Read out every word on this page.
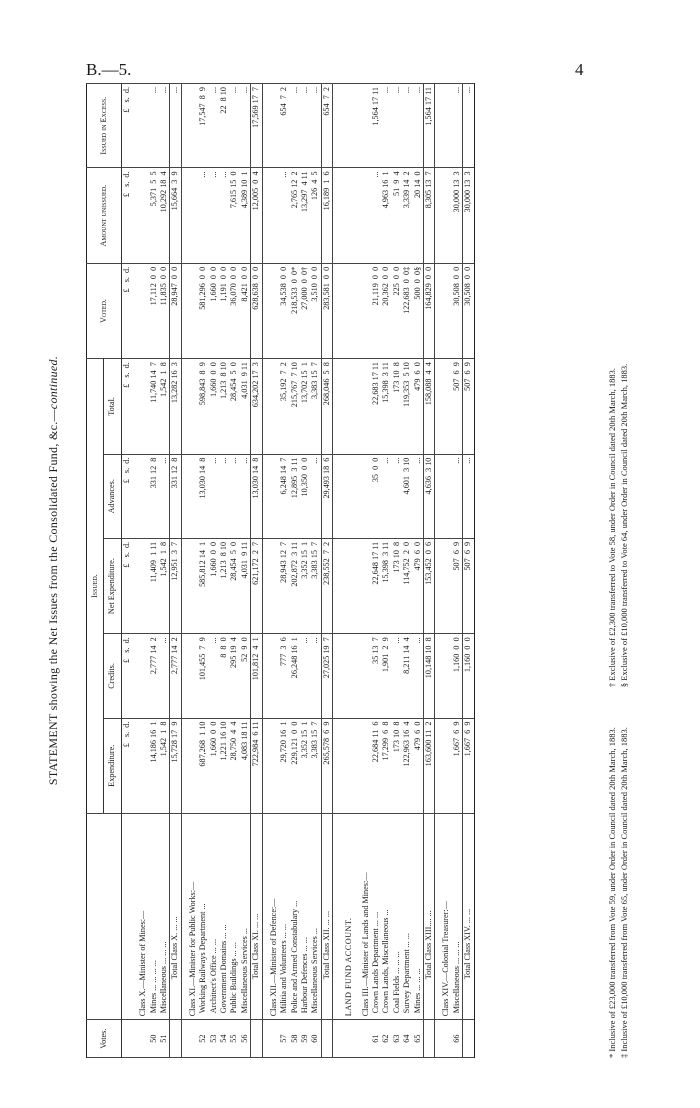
B.—5.	4
STATEMENT showing the Net Issues from the Consolidated Fund, &c.—continued.
Votes.		Issued.					Voted.	Amount unissued.	Issued in Excess.
		Expenditure.	Credits.	Net Expenditure.	Advances.	Total.			
		£   s.  d.	£   s.  d.	£   s.  d.	£   s.  d.	£   s.  d.	£   s.  d.	£   s.  d.	£   s.  d.
	Class X.—Minister of Mines:—								
50	Mines ... ... ... ...	14,186 16  1	2,777 14  2	11,409  1 11	331 12  8	11,740 14  7	17,112  0  0	5,371  5  5	...
51	Miscellaneous ... ... ...	1,542  1  8	...	1,542  1  8	...	1,542  1  8	11,835  0  0	10,292 18  4	...
	Total Class X. ... ...	15,728 17  9	2,777 14  2	12,951  3  7	331 12  8	13,282 16  3	28,947  0  0	15,664  3  9	...
	Class XI.—Minister for Public Works:—								
52	Working Railways Department ...	687,268  1 10	101,455  7  9	585,812 14  1	13,030 14  8	598,843  8  9	581,296  0  0	...	17,547  8  9
53	Architect's Office ... ...	1,660  0  0	...	1,660  0  0	...	1,660  0  0	1,660  0  0	...	...
54	Government Domains ... ...	1,221 16 10	8  8  0	1,213  8 10	...	1,213  8 10	1,191  0  0	...	22  8 10
55	Public Buildings ... ...	28,750  4  4	295 19  4	28,454  5  0	...	28,454  5  0	36,070  0  0	7,615 15  0	...
56	Miscellaneous Services ...	4,083 18 11	52  9  0	4,031  9 11	...	4,031  9 11	8,421  0  0	4,389 10  1	...
	Total Class XI. ... ...	722,984  6 11	101,812  4  1	621,172  2  7	13,030 14  8	634,202 17  3	628,638  0  0	12,005  0  4	17,569 17  7
	Class XII.—Minister of Defence:—								
57	Militia and Volunteers ... ...	29,720 16  1	777  3  6	28,943 12  7	6,248 14  7	35,192  7  2	34,538  0  0	...	654  7  2
58	Police and Armed Constabulary ...	229,121  0  0	26,248 16  1	202,872  3 11	12,895  3 11	215,767  7 10	218,533  0  0*	2,765 12  2	...
59	Harbour Defences ... ...	3,352 15  1	...	3,352 15  1	10,350  0  0	13,702 15  1	27,000  0  0†	13,297  4 11	...
60	Miscellaneous Services ...	3,383 15  7	...	3,383 15  7	...	3,383 15  7	3,510  0  0	126  4  5	...
	Total Class XII. ... ...	265,578  6  9	27,025 19  7	238,552  7  2	29,493 18  6	268,046  5  8	283,581  0  0	16,189  1  6	654  7  2
	LAND FUND ACCOUNT.								
	Class III.—Minister of Lands and Mines:—								
61	Crown Lands Department ... ...	22,684 11  6	35 13  7	22,648 17 11	35  0  0	22,683 17 11	21,119  0  0	...	1,564 17 11
62	Crown Lands, Miscellaneous ...	17,299  6  8	1,901  2  9	15,398  3 11	...	15,398  3 11	20,362  0  0	4,963 16  1	...
63	Coal Fields ... ... ...	173 10  8	...	173 10  8	...	173 10  8	225  0  0	51  9  4	...
64	Survey Department ... ...	122,963 16  4	8,211 14  4	114,752  2  0	4,601  3 10	119,353  5 10	122,683  0  0‡	3,339 14  2	...
65	Mines ... ... ...	479  6  0	...	479  6  0	...	479  6  0	500  0  0§	20 14  0	...
	Total Class XIII.... ...	163,600 11  2	10,148 10  8	153,452  0  6	4,636  3 10	158,088  4  4	164,829  0  0	8,305 13  7	1,564 17 11
	Class XIV.—Colonial Treasurer:—								
66	Miscellaneous ... ... ...	1,667  6  9	1,160  0  0	507  6  9	...	507  6  9	30,508  0  0	30,000 13  3	...
	Total Class XIV. ... ...	1,667  6  9	1,160  0  0	507  6  9	...	507  6  9	30,508  0  0	30,000 13  3	...
* Inclusive of £23,000 transferred from Vote 59, under Order in Council dated 20th March, 1883.† Exclusive of £2,300 transferred to Vote 58, under Order in Council dated 20th March, 1883.
‡ Inclusive of £10,000 transferred from Vote 65, under Order in Council dated 20th March, 1883.§ Exclusive of £10,000 transferred to Vote 64, under Order in Council dated 20th March, 1883.
